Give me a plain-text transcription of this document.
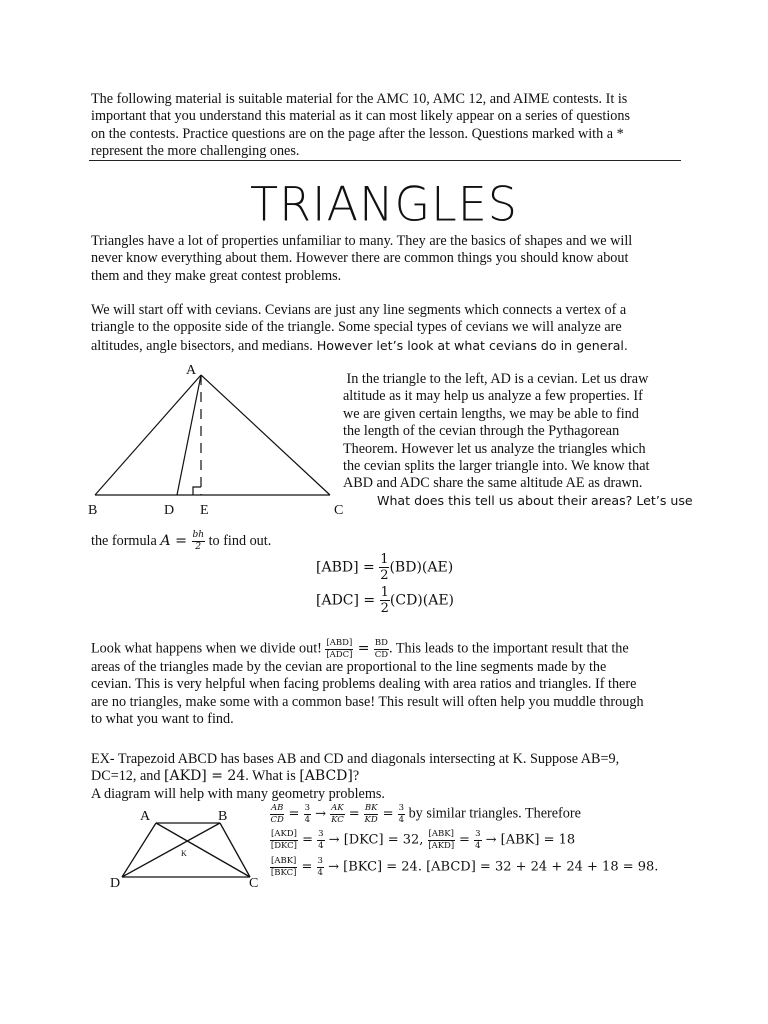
The following material is suitable material for the AMC 10, AMC 12, and AIME contests. It is
important that you understand this material as it can most likely appear on a series of questions
on the contests. Practice questions are on the page after the lesson. Questions marked with a *
represent the more challenging ones.
TRIANGLES
Triangles have a lot of properties unfamiliar to many. They are the basics of shapes and we will
never know everything about them. However there are common things you should know about
them and they make great contest problems.
We will start off with cevians. Cevians are just any line segments which connects a vertex of a
triangle to the opposite side of the triangle. Some special types of cevians we will analyze are
altitudes, angle bisectors, and medians. However let’s look at what cevians do in general.
A
B	D E	C
In the triangle to the left, AD is a cevian. Let us draw
altitude as it may help us analyze a few properties. If
we are given certain lengths, we may be able to find
the length of the cevian through the Pythagorean
Theorem. However let us analyze the triangles which
the cevian splits the larger triangle into. We know that
ABD and ADC share the same altitude AE as drawn.
What does this tell us about their areas? Let’s use
the formula $A = \frac{bh}{2}$ to find out.
$[ABD] = \frac{1}{2} (BD)(AE)$
$[ADC] = \frac{1}{2} (CD)(AE)$
Look what happens when we divide out! $\frac{\text{[ABD]}}{\text{[ADC]}} = \frac{BD}{CD}$ . This leads to the important result that the
areas of the triangles made by the cevian are proportional to the line segments made by the
cevian. This is very helpful when facing problems dealing with area ratios and triangles. If there
are no triangles, make some with a common base! This result will often help you muddle through
to what you want to find.
EX- Trapezoid ABCD has bases AB and CD and diagonals intersecting at K. Suppose AB=9,
DC=12, and [AKD] = 24. What is [ABCD]?
A diagram will help with many geometry problems.
A	B
D	C
K
$\frac{AB}{CD} = \frac{3}{4} \to \frac{AK}{KC} = \frac{BK}{KD} = \frac{3}{4}$ by similar triangles. Therefore
$\frac{\text{[AKD]}}{\text{[DKC]}} = \frac{3}{4} \to [DKC] = 32$, $\frac{\text{[ABK]}}{\text{[AKD]}} = \frac{3}{4} \to [ABK] = 18$
$\frac{\text{[ABK]}}{\text{[BKC]}} = \frac{3}{4} \to [BKC] = 24$. [ABCD] = 32 + 24 + 24 + 18 = 98.
